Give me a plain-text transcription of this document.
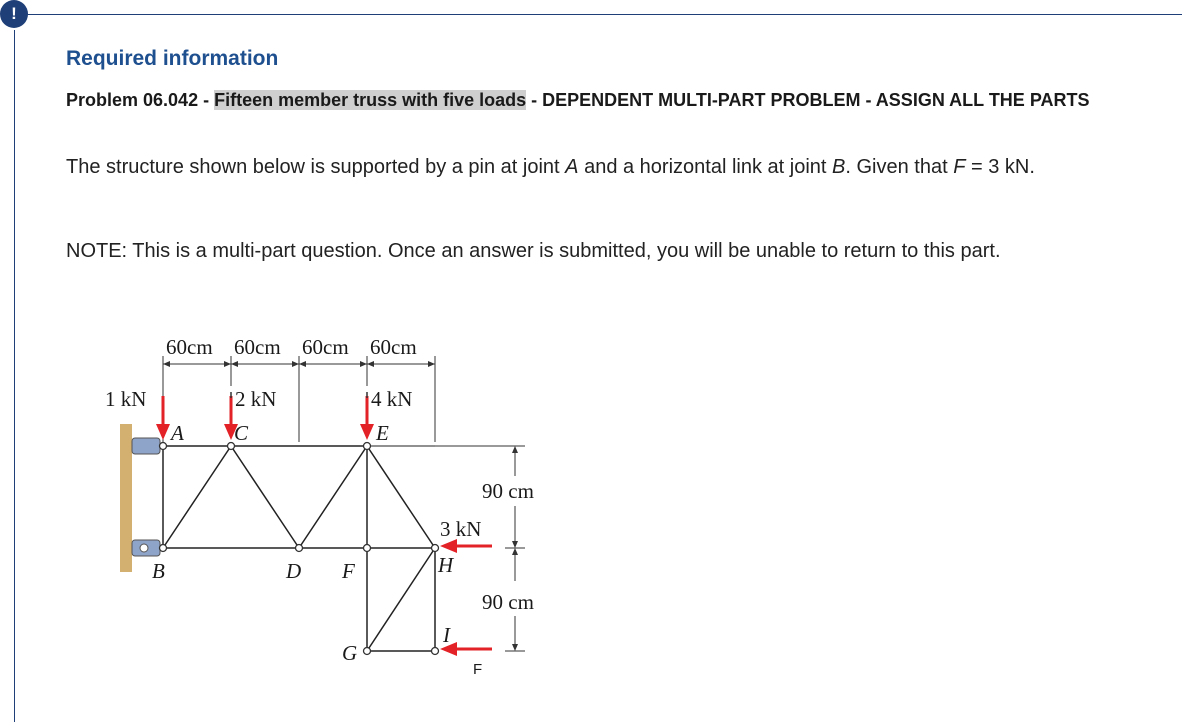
!
Required information

Problem 06.042 - Fifteen member truss with five loads - DEPENDENT MULTI-PART PROBLEM - ASSIGN ALL THE PARTS

The structure shown below is supported by a pin at joint A and a horizontal link at joint B. Given that F = 3 kN.

NOTE: This is a multi-part question. Once an answer is submitted, you will be unable to return to this part.

60cm 60cm 60cm 60cm
90 cm
90 cm
1 kN	2 kN	4 kN
3 kN
F
A
B
C
D
E
F
G
H
I
